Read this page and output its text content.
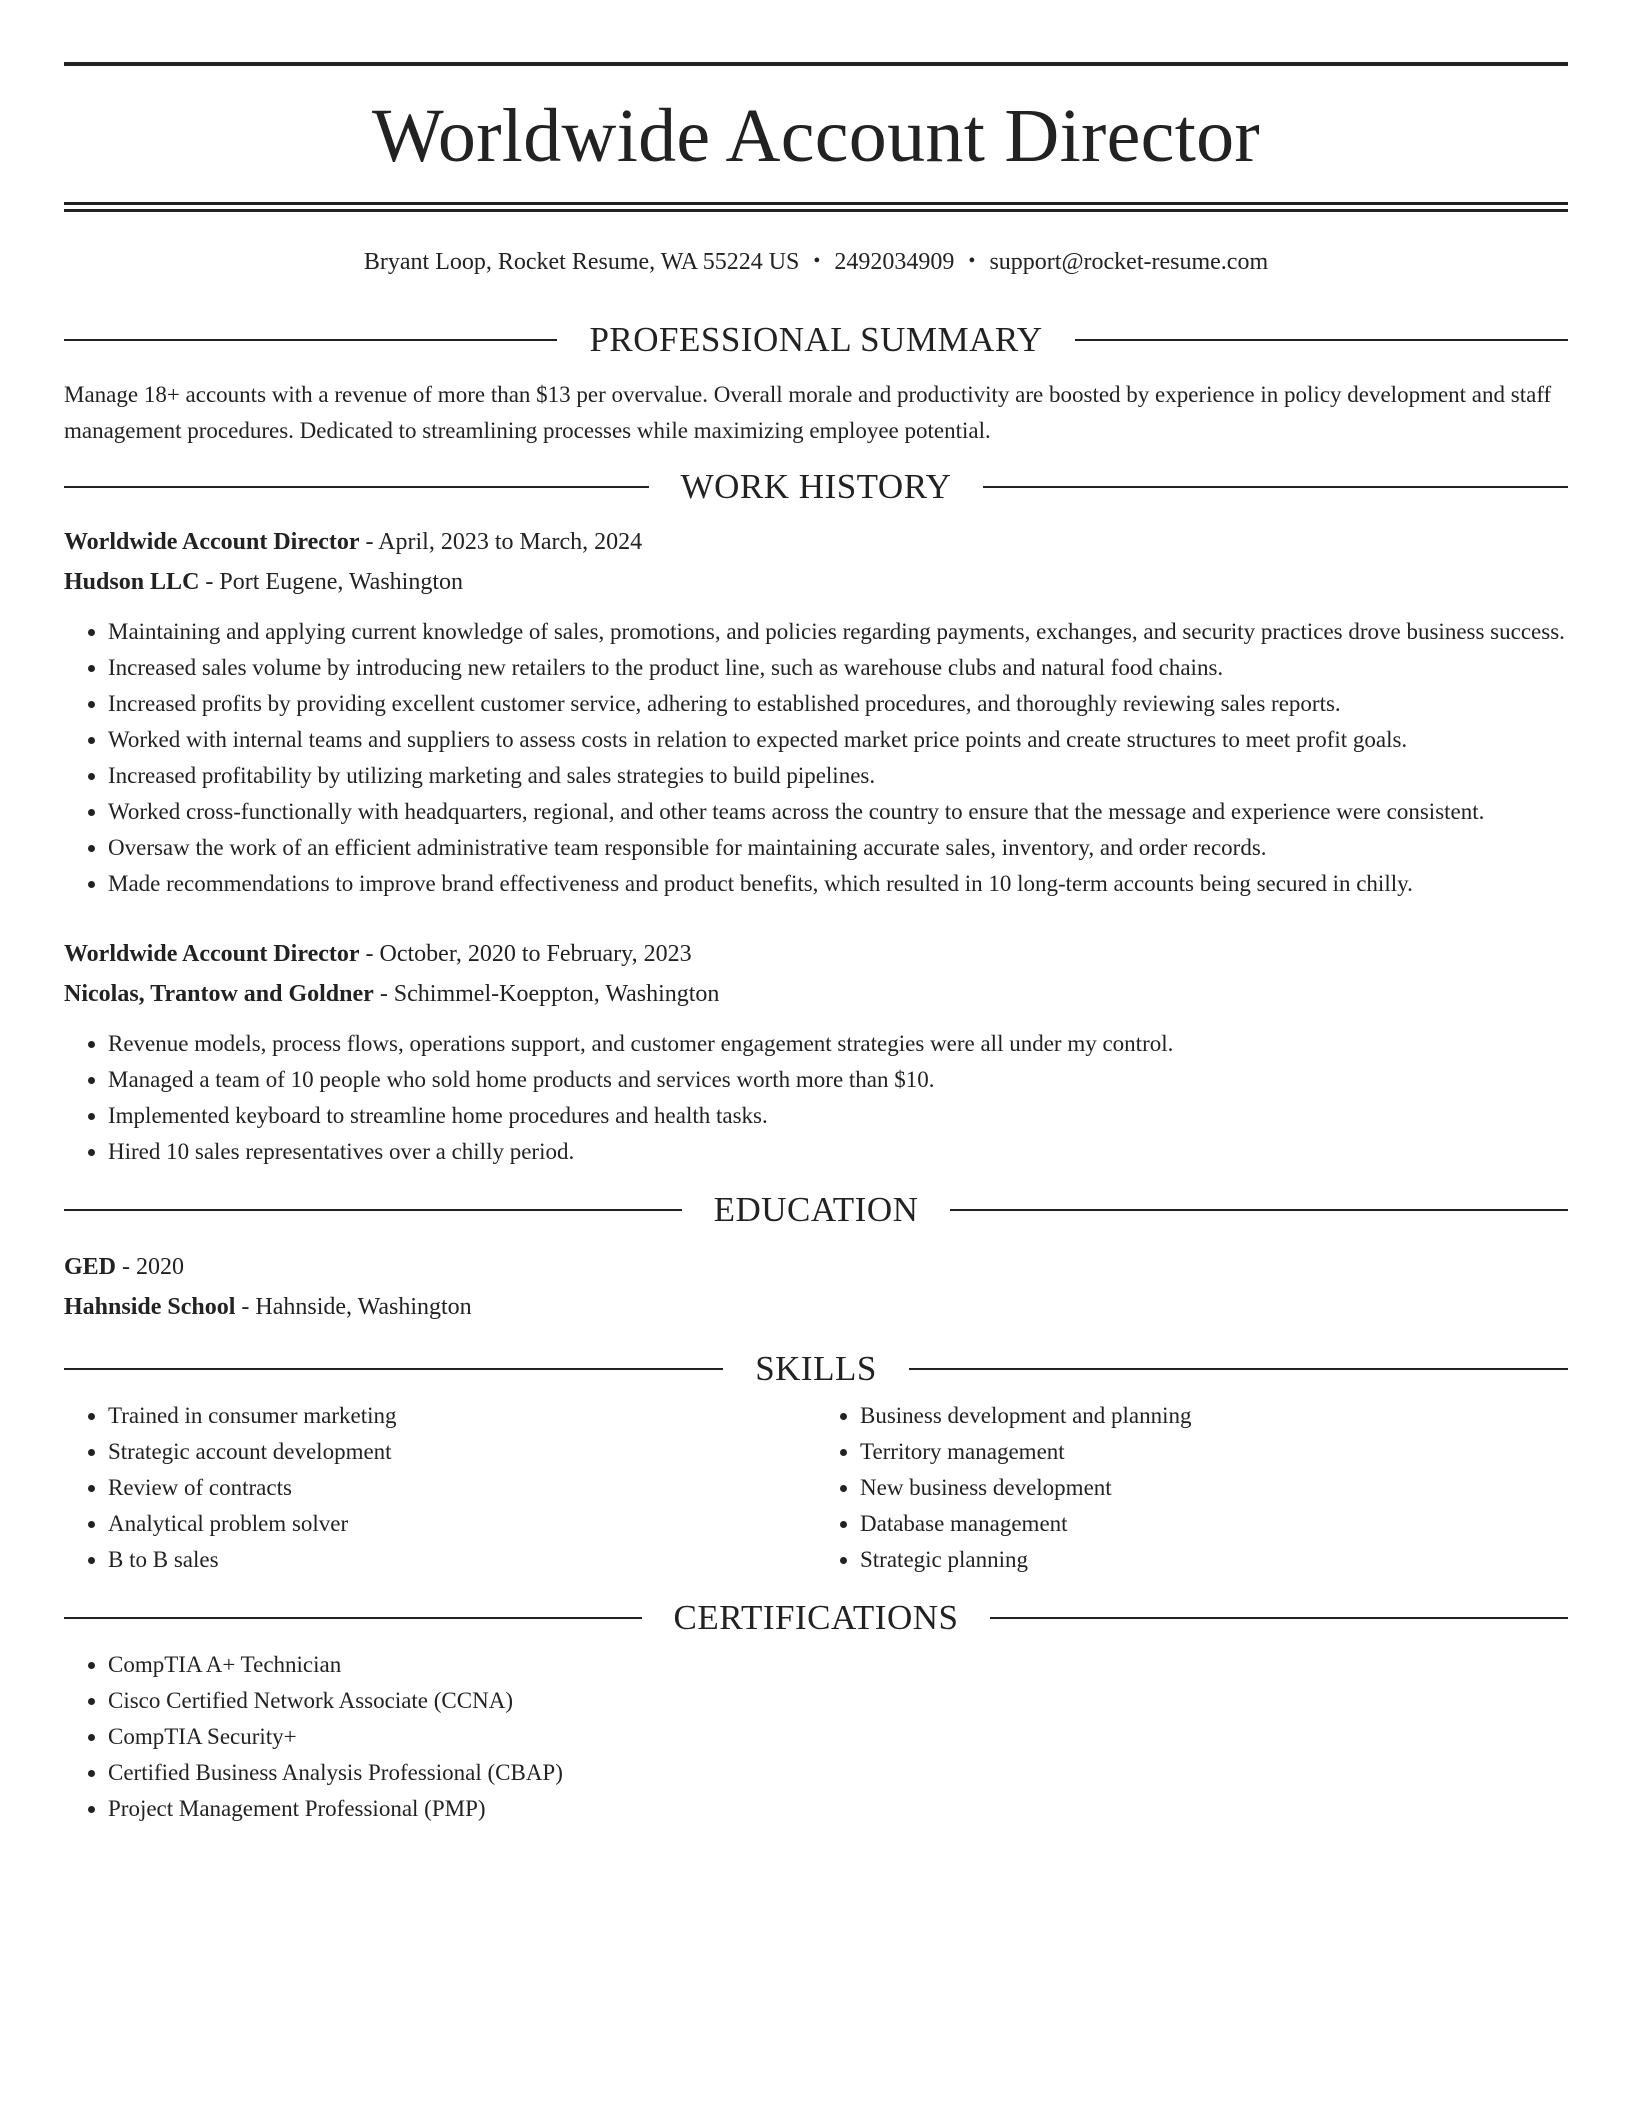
Worldwide Account Director
Bryant Loop, Rocket Resume, WA 55224 US • 2492034909 • support@rocket-resume.com
PROFESSIONAL SUMMARY

Manage 18+ accounts with a revenue of more than $13 per overvalue. Overall morale and productivity are boosted by experience in policy development and staff management procedures. Dedicated to streamlining processes while maximizing employee potential.

WORK HISTORY
Worldwide Account Director - April, 2023 to March, 2024
Hudson LLC - Port Eugene, Washington
• Maintaining and applying current knowledge of sales, promotions, and policies regarding payments, exchanges, and security practices drove business success.
• Increased sales volume by introducing new retailers to the product line, such as warehouse clubs and natural food chains.
• Increased profits by providing excellent customer service, adhering to established procedures, and thoroughly reviewing sales reports.
• Worked with internal teams and suppliers to assess costs in relation to expected market price points and create structures to meet profit goals.
• Increased profitability by utilizing marketing and sales strategies to build pipelines.
• Worked cross-functionally with headquarters, regional, and other teams across the country to ensure that the message and experience were consistent.
• Oversaw the work of an efficient administrative team responsible for maintaining accurate sales, inventory, and order records.
• Made recommendations to improve brand effectiveness and product benefits, which resulted in 10 long-term accounts being secured in chilly.
Worldwide Account Director - October, 2020 to February, 2023
Nicolas, Trantow and Goldner - Schimmel-Koeppton, Washington
• Revenue models, process flows, operations support, and customer engagement strategies were all under my control.
• Managed a team of 10 people who sold home products and services worth more than $10.
• Implemented keyboard to streamline home procedures and health tasks.
• Hired 10 sales representatives over a chilly period.
EDUCATION
GED - 2020
Hahnside School - Hahnside, Washington
SKILLS
• Trained in consumer marketing
• Strategic account development
• Review of contracts
• Analytical problem solver
• B to B sales
• Business development and planning
• Territory management
• New business development
• Database management
• Strategic planning
CERTIFICATIONS
• CompTIA A+ Technician
• Cisco Certified Network Associate (CCNA)
• CompTIA Security+
• Certified Business Analysis Professional (CBAP)
• Project Management Professional (PMP)
